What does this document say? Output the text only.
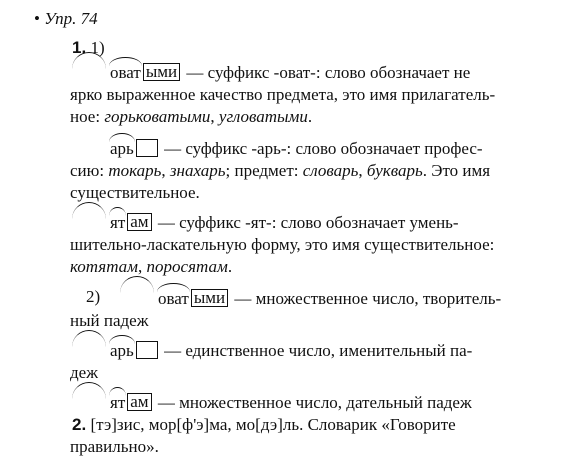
• Упр. 74
1. 1)
оват ыми — суффикс -оват-: слово обозначает не
ярко выраженное качество предмета, это имя прилагатель-
ное: горьковатыми, угловатыми.
арь — суффикс -арь-: слово обозначает профес-
сию: токарь, знахарь; предмет: словарь, букварь. Это имя
существительное.
ят ам — суффикс -ят-: слово обозначает умень-
шительно-ласкательную форму, это имя существительное:
котятам, поросятам.
2)	оват ыми — множественное число, творитель-
ный падеж
арь — единственное число, именительный па-
деж
ят ам — множественное число, дательный падеж
2. [тэ]зис, мор[ф'э]ма, мо[дэ]ль. Словарик «Говорите
правильно».
